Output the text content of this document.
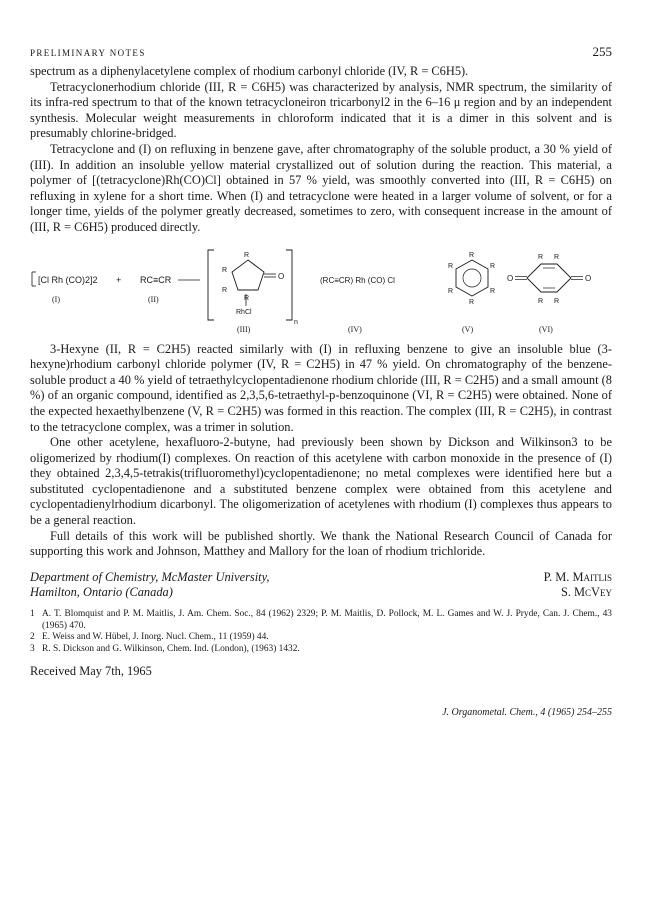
PRELIMINARY NOTES	255

spectrum as a diphenylacetylene complex of rhodium carbonyl chloride (IV, R = C6H5).

Tetracyclonerhodium chloride (III, R = C6H5) was characterized by analysis, NMR spectrum, the similarity of its infra-red spectrum to that of the known tetracycloneiron tricarbonyl2 in the 6–16 μ region and by an independent synthesis. Molecular weight measurements in chloroform indicated that it is a dimer in this solvent and is presumably chlorine-bridged.

Tetracyclone and (I) on refluxing in benzene gave, after chromatography of the soluble product, a 30 % yield of (III). In addition an insoluble yellow material crystallized out of solution during the reaction. This material, a polymer of [(tetracyclone)Rh(CO)Cl] obtained in 57 % yield, was smoothly converted into (III, R = C6H5) on refluxing in xylene for a short time. When (I) and tetracyclone were heated in a larger volume of solvent, or for a longer time, yields of the polymer greatly decreased, sometimes to zero, with consequent increase in the amount of (III, R = C6H5) produced directly.

[Cl Rh (CO)2]2
(I)
+ RC≡CR
(II)
O
R
R
R
R
RhCl
n
(III)
(RC≡CR) Rh (CO) Cl
(IV)
R
R
R
R
R
R
(V)
O	O
R R
R R
(VI)

3-Hexyne (II, R = C2H5) reacted similarly with (I) in refluxing benzene to give an insoluble blue (3-hexyne)rhodium carbonyl chloride polymer (IV, R = C2H5) in 47 % yield. On chromatography of the benzene-soluble product a 40 % yield of tetraethylcyclopentadienone rhodium chloride (III, R = C2H5) and a small amount (8 %) of an organic compound, identified as 2,3,5,6-tetraethyl-p-benzoquinone (VI, R = C2H5) were obtained. None of the expected hexaethylbenzene (V, R = C2H5) was formed in this reaction. The complex (III, R = C2H5), in contrast to the tetracyclone complex, was a trimer in solution.

One other acetylene, hexafluoro-2-butyne, had previously been shown by Dickson and Wilkinson3 to be oligomerized by rhodium(I) complexes. On reaction of this acetylene with carbon monoxide in the presence of (I) they obtained 2,3,4,5-tetrakis(trifluoromethyl)cyclopentadienone; no metal complexes were identified here but a substituted cyclopentadienone and a substituted benzene complex were obtained from this acetylene and cyclopentadienylrhodium dicarbonyl. The oligomerization of acetylenes with rhodium (I) complexes thus appears to be a general reaction.

Full details of this work will be published shortly. We thank the National Research Council of Canada for supporting this work and Johnson, Matthey and Mallory for the loan of rhodium trichloride.

Department of Chemistry, McMaster University,
Hamilton, Ontario (Canada)
P. M. Maitlis
S. McVey
1 A. T. Blomquist and P. M. Maitlis, J. Am. Chem. Soc., 84 (1962) 2329; P. M. Maitlis, D. Pollock, M. L. Games and W. J. Pryde, Can. J. Chem., 43 (1965) 470.
2 E. Weiss and W. Hübel, J. Inorg. Nucl. Chem., 11 (1959) 44.
3 R. S. Dickson and G. Wilkinson, Chem. Ind. (London), (1963) 1432.
Received May 7th, 1965
J. Organometal. Chem., 4 (1965) 254–255
